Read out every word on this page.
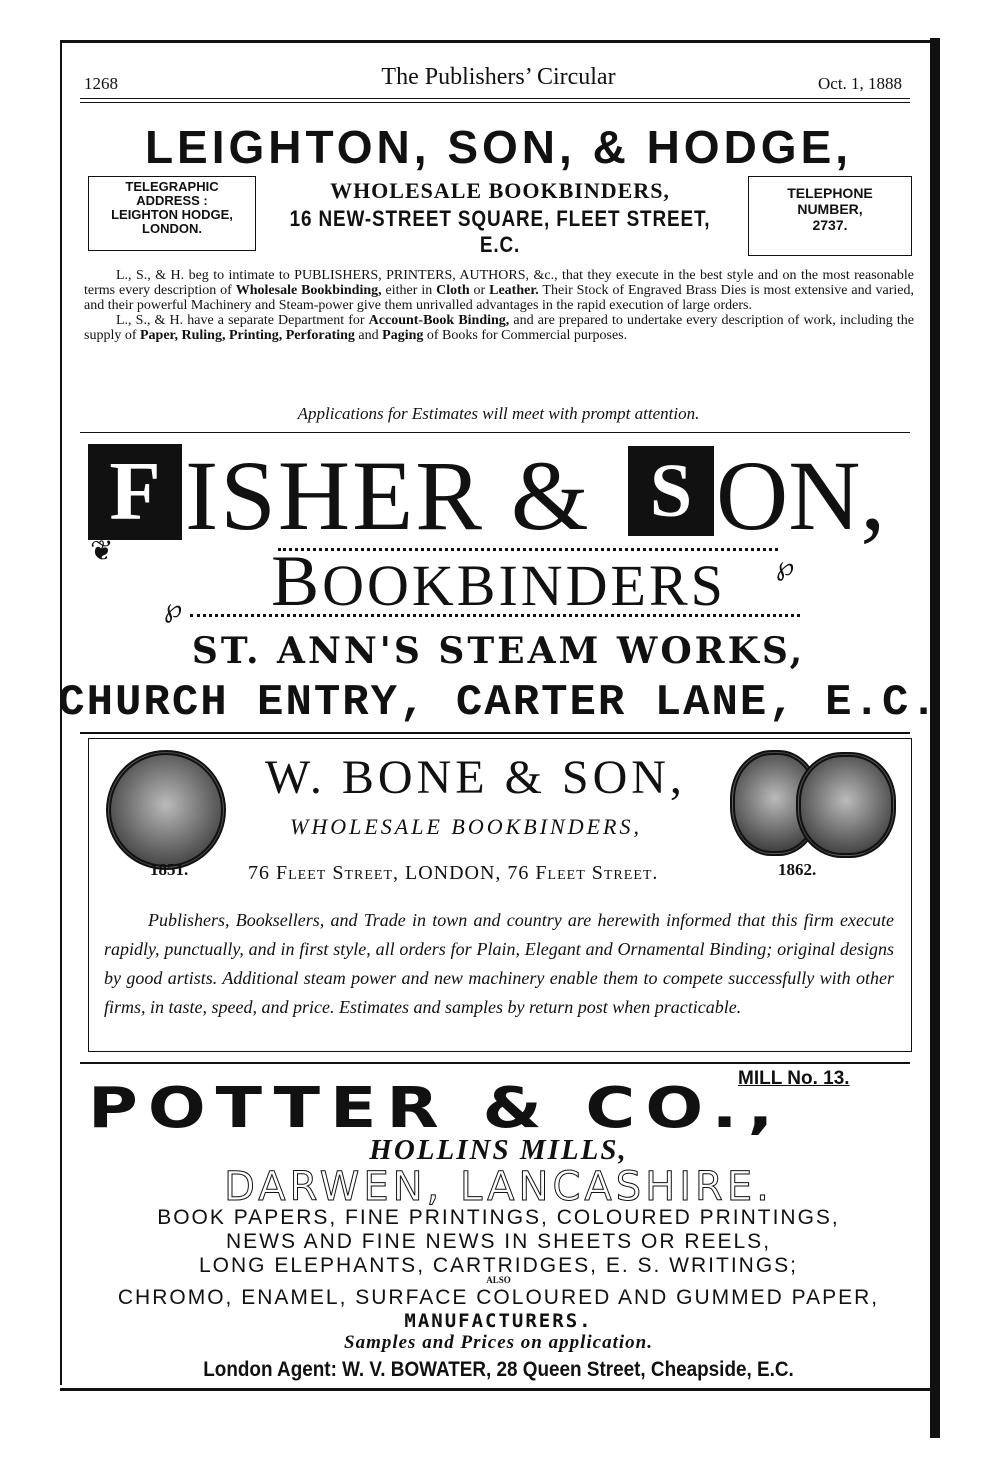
1268	The Publishers’ Circular	Oct. 1, 1888
LEIGHTON, SON, & HODGE,
TELEGRAPHIC
ADDRESS :
LEIGHTON HODGE,
LONDON.
WHOLESALE BOOKBINDERS,
16 NEW-STREET SQUARE, FLEET STREET, E.C.
TELEPHONE
NUMBER,
2737.

L., S., & H. beg to intimate to PUBLISHERS, PRINTERS, AUTHORS, &c., that they execute in the best style and on the most reasonable terms every description of Wholesale Bookbinding, either in Cloth or Leather. Their Stock of Engraved Brass Dies is most extensive and varied, and their powerful Machinery and Steam-power give them unrivalled advantages in the rapid execution of large orders.

L., S., & H. have a separate Department for Account-Book Binding, and are prepared to undertake every description of work, including the supply of Paper, Ruling, Printing, Perforating and Paging of Books for Commercial purposes.

Applications for Estimates will meet with prompt attention.
F ISHER & S ON,
❦	BOOKBINDERS
℘
℘
ST. ANN'S STEAM WORKS,
CHURCH ENTRY, CARTER LANE, E.C.
W. BONE & SON,
WHOLESALE BOOKBINDERS,
1851.	76 Fleet Street, LONDON, 76 Fleet Street.	1862.

Publishers, Booksellers, and Trade in town and country are herewith informed that this firm execute rapidly, punctually, and in first style, all orders for Plain, Elegant and Ornamental Binding; original designs by good artists. Additional steam power and new machinery enable them to compete successfully with other firms, in taste, speed, and price. Estimates and samples by return post when practicable.

MILL No. 13.
POTTER & CO.,
HOLLINS MILLS,
DARWEN, LANCASHIRE.
BOOK PAPERS, FINE PRINTINGS, COLOURED PRINTINGS,
NEWS AND FINE NEWS IN SHEETS OR REELS,
LONG ELEPHANTS, CARTRIDGES, E. S. WRITINGS;
ALSO
CHROMO, ENAMEL, SURFACE COLOURED AND GUMMED PAPER,
MANUFACTURERS.
Samples and Prices on application.
London Agent: W. V. BOWATER, 28 Queen Street, Cheapside, E.C.
